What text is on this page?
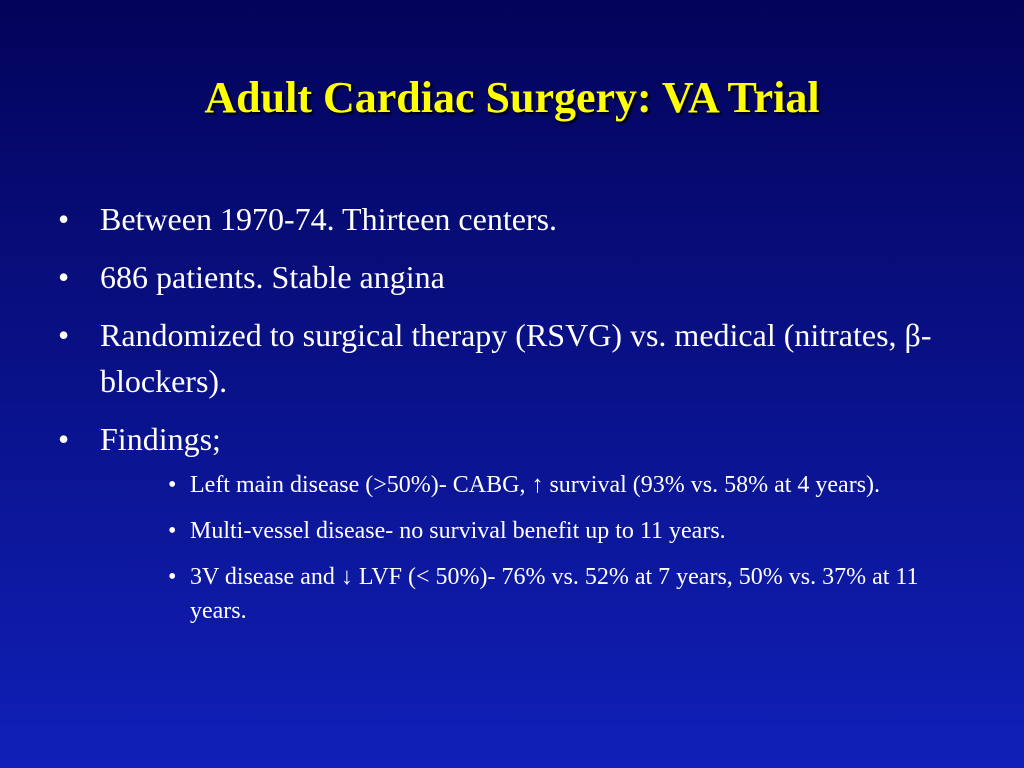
Adult Cardiac Surgery: VA Trial
• Between 1970-74. Thirteen centers.
• 686 patients. Stable angina
• Randomized to surgical therapy (RSVG) vs. medical (nitrates, β-blockers).
• Findings;
• Left main disease (>50%)- CABG, ↑ survival (93% vs. 58% at 4 years).
• Multi-vessel disease- no survival benefit up to 11 years.
• 3V disease and ↓ LVF (< 50%)- 76% vs. 52% at 7 years, 50% vs. 37% at 11 years.
